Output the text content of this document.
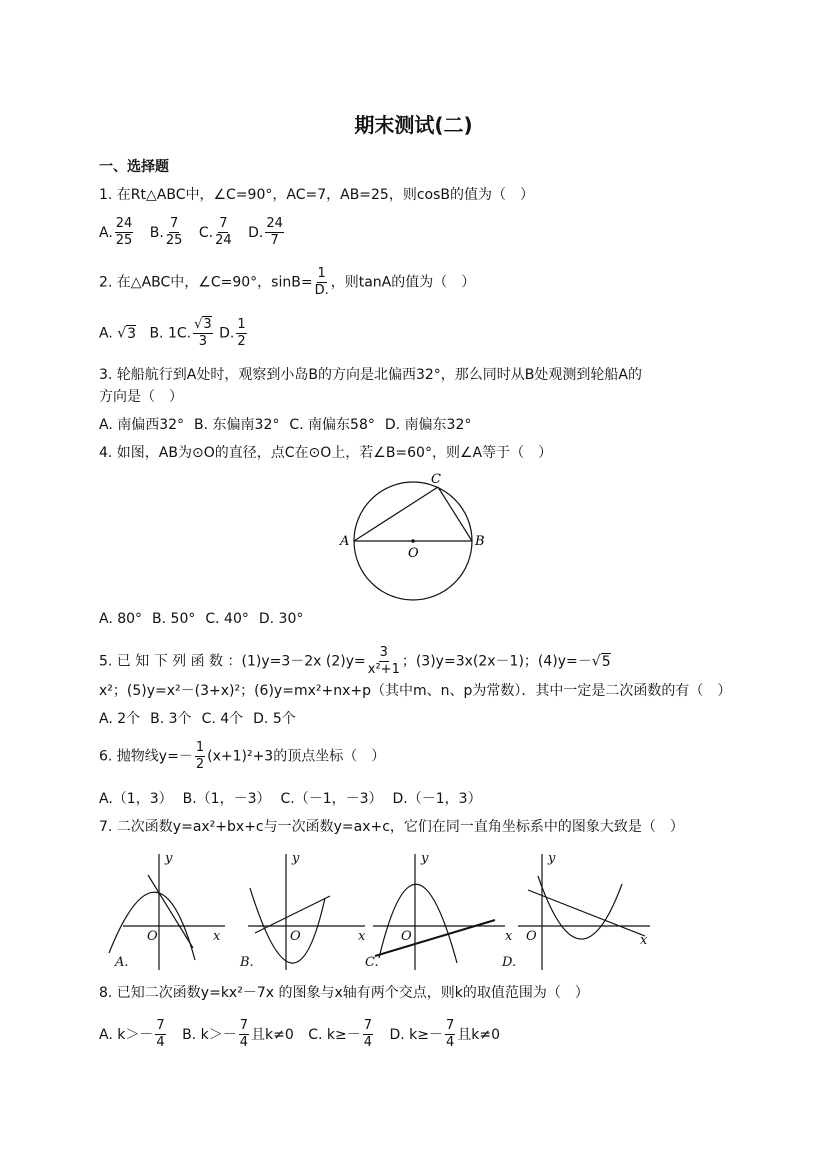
期末测试(二)
一、选择题
1. 在Rt△ABC中，∠C=90°，AC=7，AB=25，则cosB的值为（　）
A. $\frac{24}{25} B$. $\frac{7}{25} C$. $\frac{7}{24} D$. $\frac{24}{7}$
2. 在△ABC中，∠C=90°，$\sin B= \frac{1}{D.}$ ，则tanA的值为（　）
A. √3 B. 1C. $\frac{√3}{3} D$. $\frac{1}{2}$
3. 轮船航行到A处时，观察到小岛B的方向是北偏西32°，那么同时从B处观测到轮船A的
方向是（　）
A. 南偏西32° B. 东偏南32° C. 南偏东58° D. 南偏东32°
4. 如图，AB为⊙O的直径，点C在⊙O上，若∠B=60°，则∠A等于（　）
A	B
C
O
A. 80° B. 50° C. 40° D. 30°
5. 已 知 下 列 函 数 ：(1)y=3－2x $(2)y= \frac{3}{\text{x²+1}}$ ；(3)y=3x(2x－1)；(4)y=－√5
x²；(5)y=x²－(3+x)²；(6)y=mx²+nx+p（其中m、n、p为常数）．其中一定是二次函数的有（　）
A. 2个 B. 3个 C. 4个 D. 5个
6. 抛物线$y=- \frac{1}{2} (x+1)^2+3$的顶点坐标（　）
A.（1，3） B.（1，－3） C.（－1，－3） D.（－1，3）
7. 二次函数y=ax²+bx+c与一次函数y=ax+c，它们在同一直角坐标系中的图象大致是（　）
A.
y
x
O
B.
y
x
O
C.
y
x
O
D.
y
x
O
8. 已知二次函数y=kx²－7x 的图象与x轴有两个交点，则k的取值范围为（　）
A. $k>- \frac{7}{4} B$. $k>- \frac{7}{4}$ 且k≠0 C. $k\ge- \frac{7}{4} D$. $k\ge- \frac{7}{4}$ 且k≠0
